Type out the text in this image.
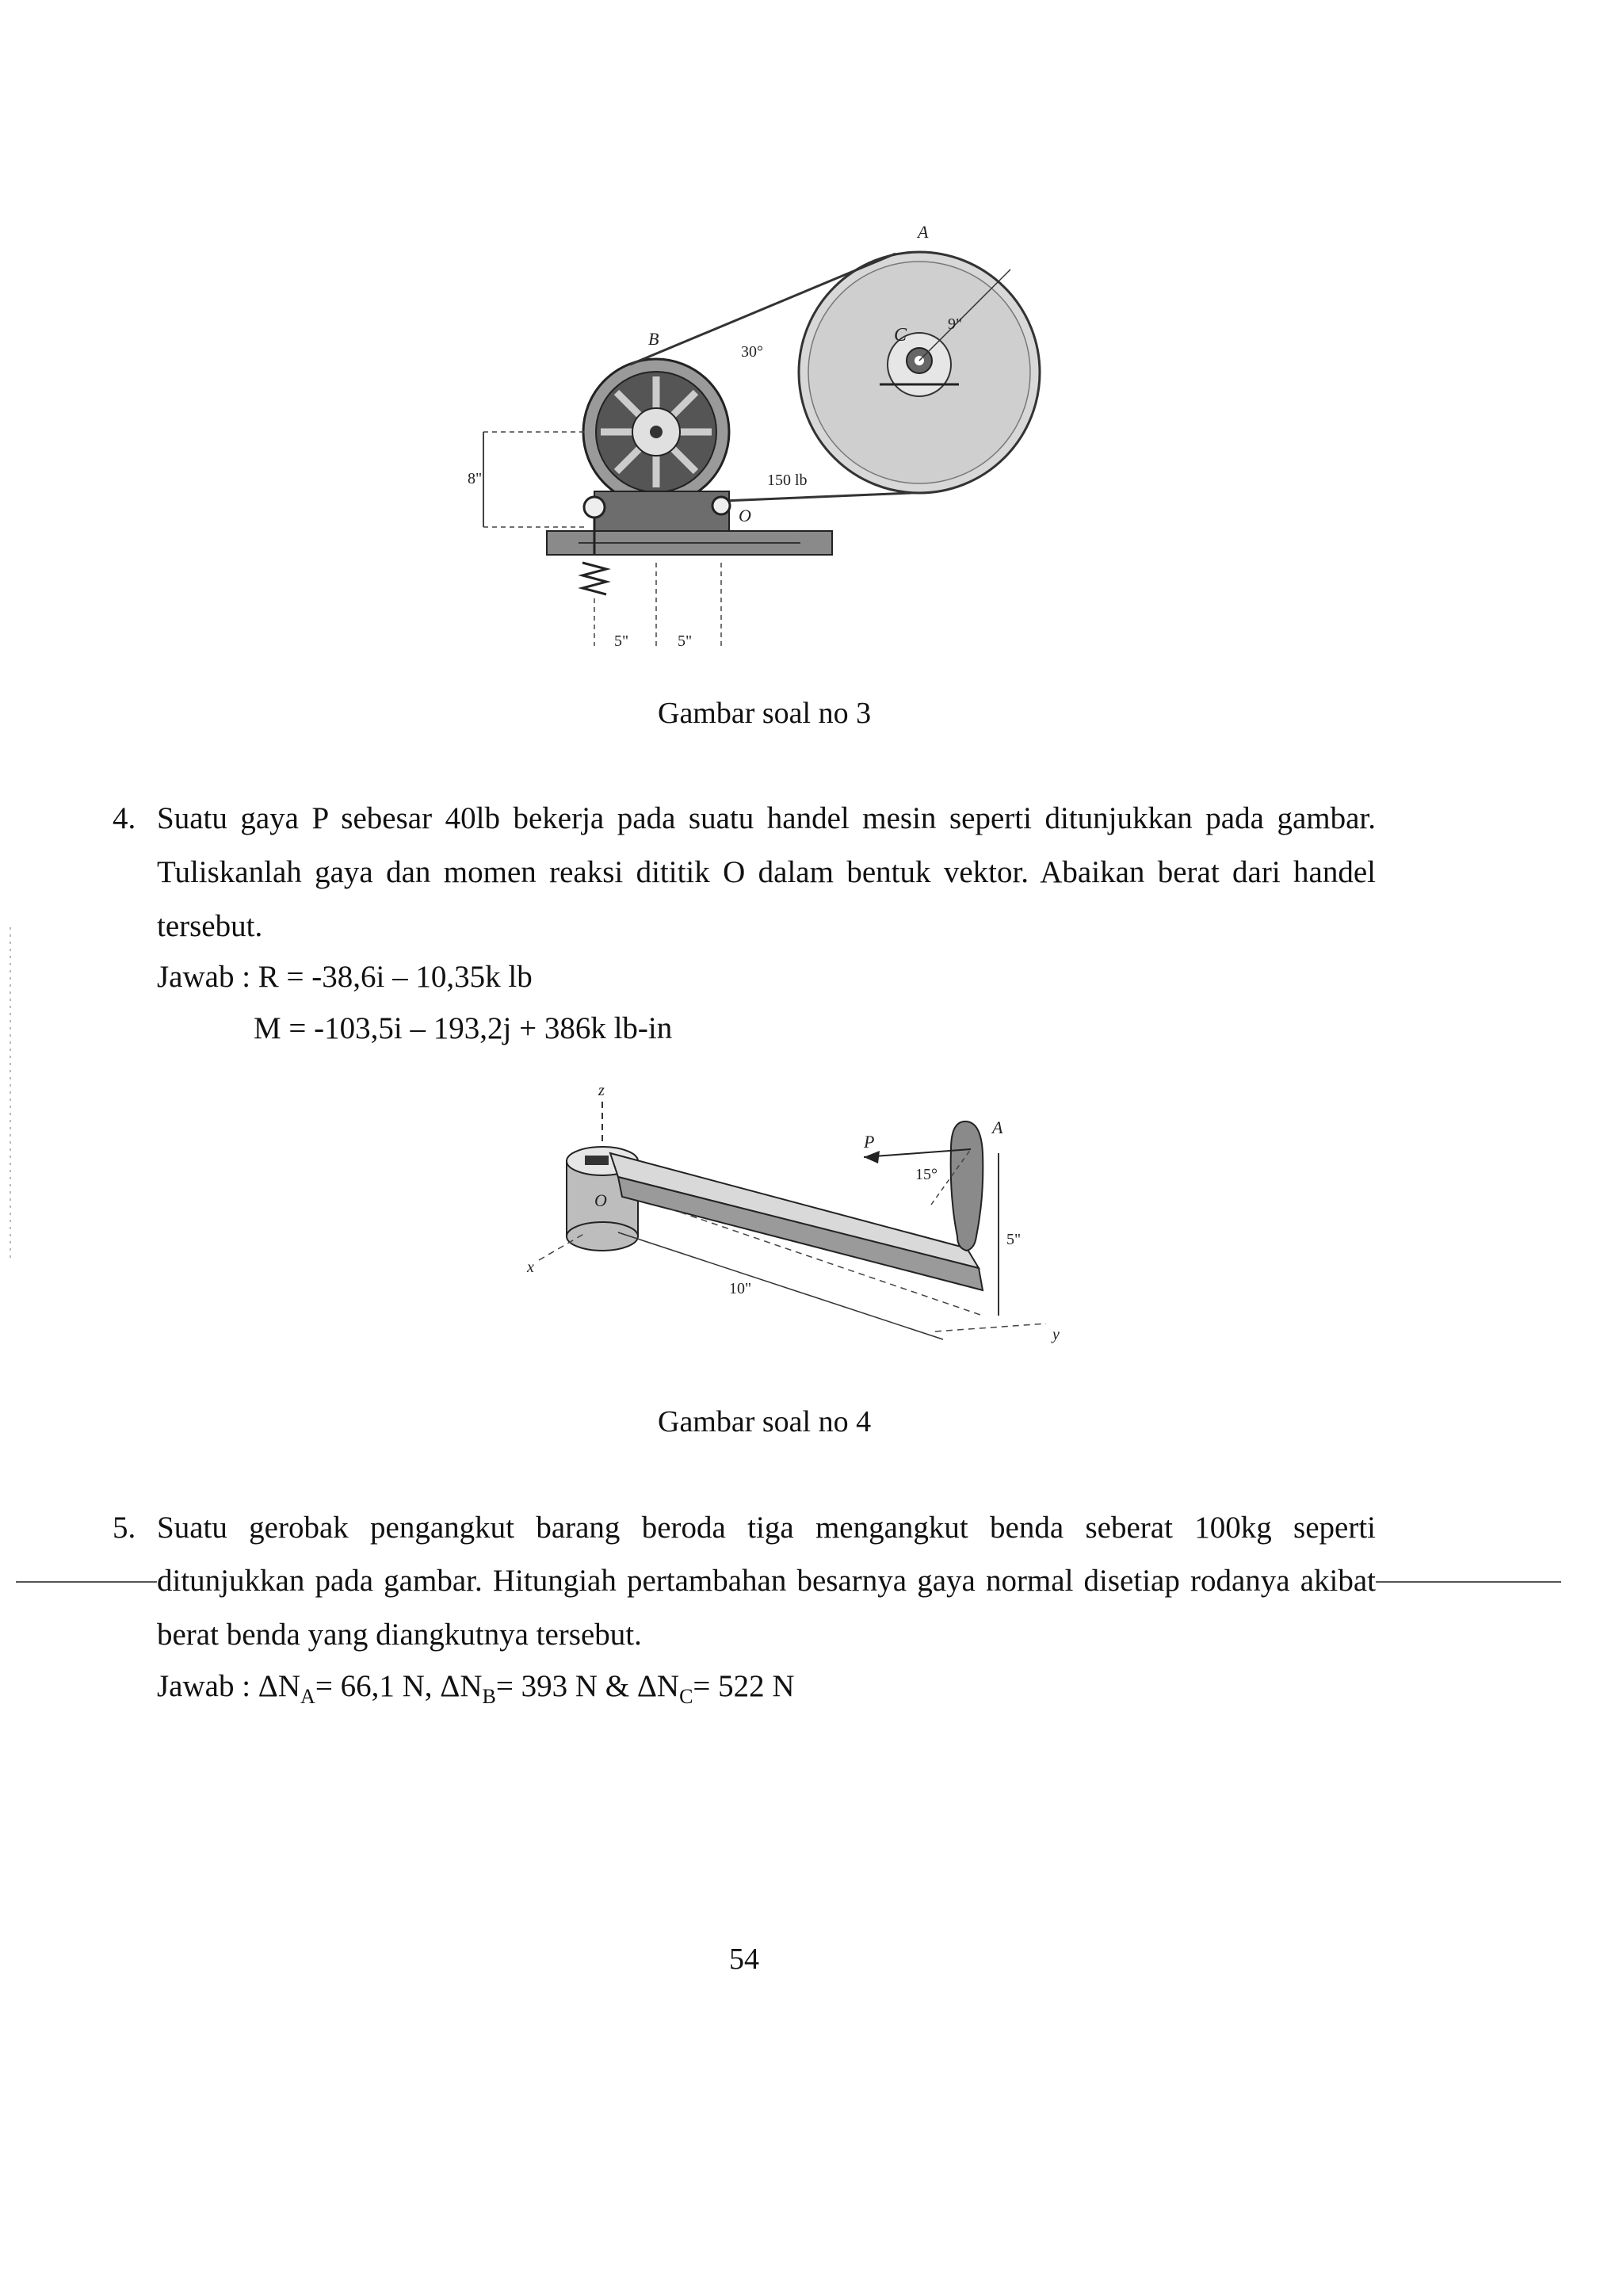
A
B	C
O
30°
9"
150 lb
8"
5"	5"
Gambar soal no 3
4. Suatu gaya P sebesar 40lb bekerja pada suatu handel mesin seperti ditunjukkan pada gambar.
Tuliskanlah gaya dan momen reaksi dititik O dalam bentuk vektor. Abaikan berat dari handel
tersebut.
Jawab : R = -38,6i – 10,35k lb
M = -103,5i – 193,2j + 386k lb-in
z
x
y
P
A
O
15°
10"
5"
Gambar soal no 4
5. Suatu gerobak pengangkut barang beroda tiga mengangkut benda seberat 100kg seperti
ditunjukkan pada gambar. Hitungiah pertambahan besarnya gaya normal disetiap rodanya akibat
berat benda yang diangkutnya tersebut.
Jawab : $\Delta N_A= 66,1$ N, $\Delta N_B= 393$ N & $\Delta N_C= 522$ N
54
